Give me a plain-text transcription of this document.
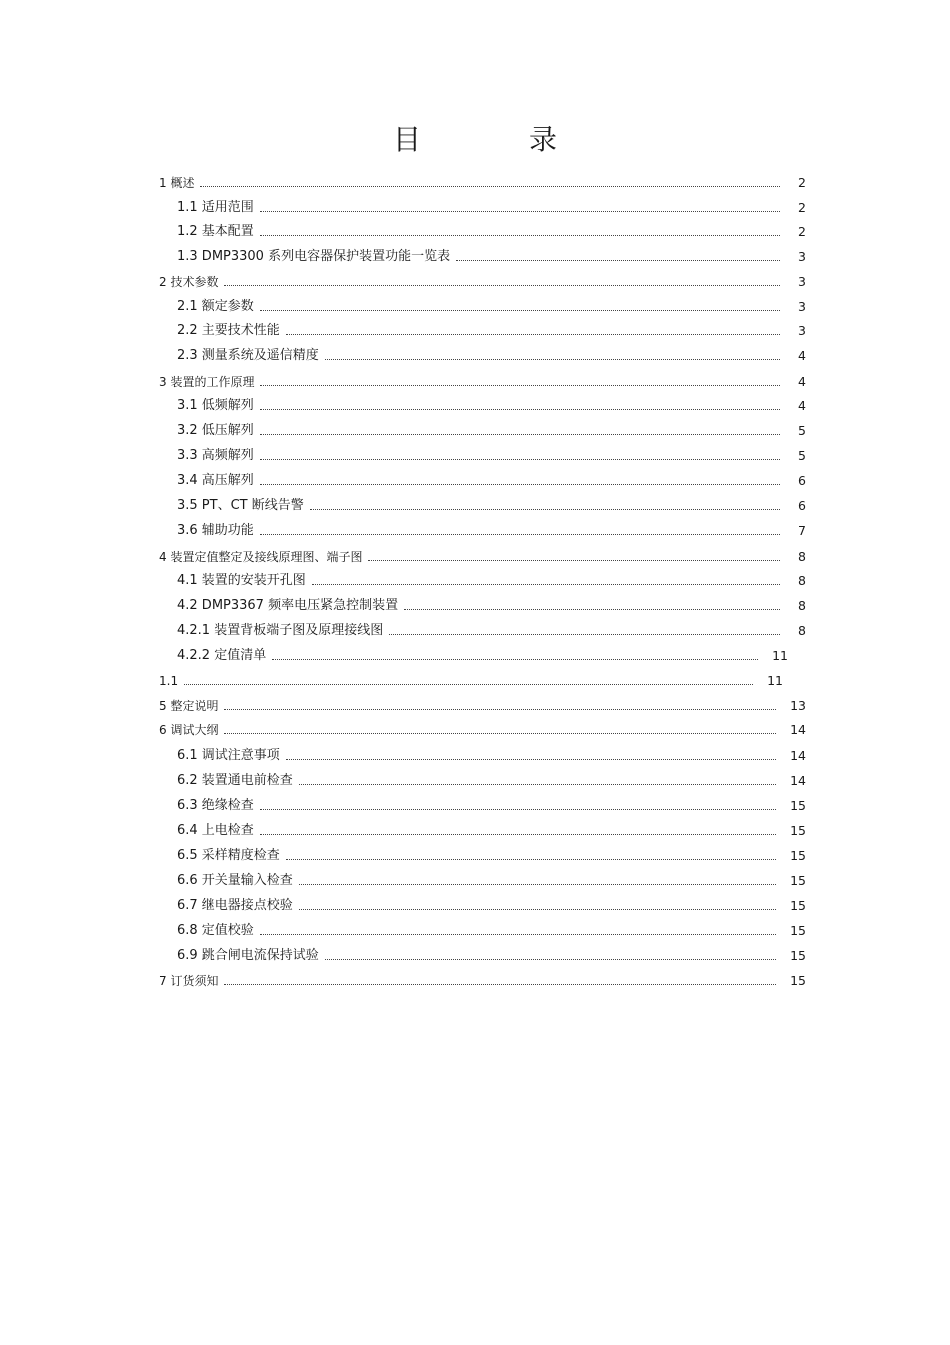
目　录
1 概述	2
1.1 适用范围	2
1.2 基本配置	2
1.3 DMP3300 系列电容器保护装置功能一览表	3
2 技术参数	3
2.1 额定参数	3
2.2 主要技术性能	3
2.3 测量系统及遥信精度	4
3 装置的工作原理	4
3.1 低频解列	4
3.2 低压解列	5
3.3 高频解列	5
3.4 高压解列	6
3.5 PT、CT 断线告警	6
3.6 辅助功能	7
4 装置定值整定及接线原理图、端子图	8
4.1 装置的安装开孔图	8
4.2 DMP3367 频率电压紧急控制装置	8
4.2.1 装置背板端子图及原理接线图	8
4.2.2 定值清单	11
1.1	11
5 整定说明	13
6 调试大纲	14
6.1 调试注意事项	14
6.2 装置通电前检查	14
6.3 绝缘检查	15
6.4 上电检查	15
6.5 采样精度检查	15
6.6 开关量输入检查	15
6.7 继电器接点校验	15
6.8 定值校验	15
6.9 跳合闸电流保持试验	15
7 订货须知	15
